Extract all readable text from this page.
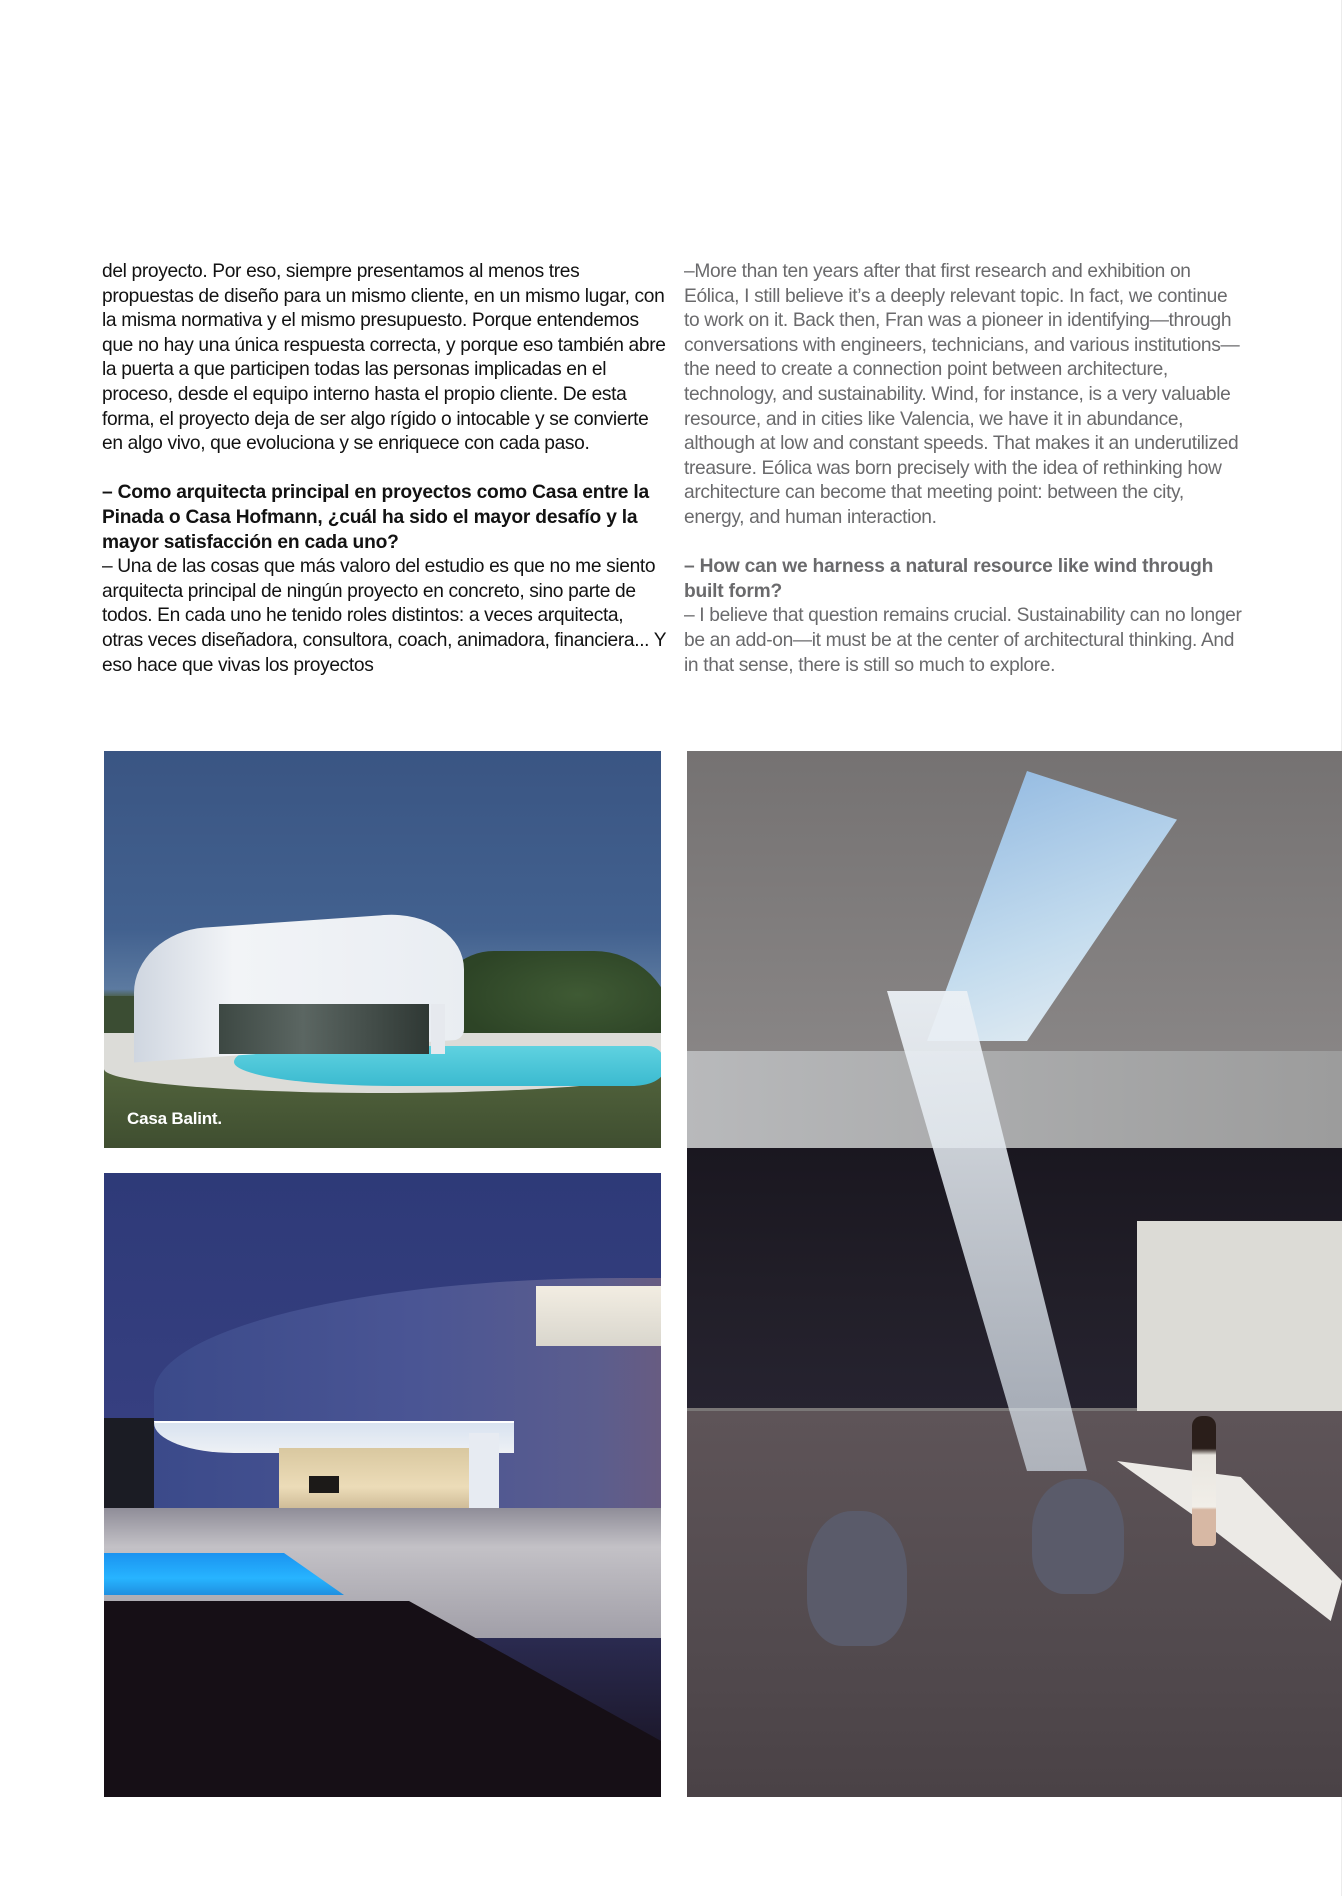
del proyecto. Por eso, siempre presentamos al menos tres propuestas de diseño para un mismo cliente, en un mismo lugar, con la misma normativa y el mismo presupuesto. Porque entendemos que no hay una única respuesta correcta, y porque eso también abre la puerta a que participen todas las personas implicadas en el proceso, desde el equipo interno hasta el propio cliente. De esta forma, el proyecto deja de ser algo rígido o intocable y se convierte en algo vivo, que evoluciona y se enriquece con cada paso.

– Como arquitecta principal en proyectos como Casa entre la Pinada o Casa Hofmann, ¿cuál ha sido el mayor desafío y la mayor satisfacción en cada uno?

– Una de las cosas que más valoro del estudio es que no me siento arquitecta principal de ningún proyecto en concreto, sino parte de todos. En cada uno he tenido roles distintos: a veces arquitecta, otras veces diseñadora, consultora, coach, animadora, financiera... Y eso hace que vivas los proyectos

–More than ten years after that first research and exhibition on Eólica, I still believe it’s a deeply relevant topic. In fact, we continue to work on it. Back then, Fran was a pioneer in identifying—through conversations with engineers, technicians, and various institutions—the need to create a connection point between architecture, technology, and sustainability. Wind, for instance, is a very valuable resource, and in cities like Valencia, we have it in abundance, although at low and constant speeds. That makes it an underutilized treasure. Eólica was born precisely with the idea of rethinking how architecture can become that meeting point: between the city, energy, and human interaction.

– How can we harness a natural resource like wind through built form?

– I believe that question remains crucial. Sustainability can no longer be an add-on—it must be at the center of architectural thinking. And in that sense, there is still so much to explore.

Casa Balint.
